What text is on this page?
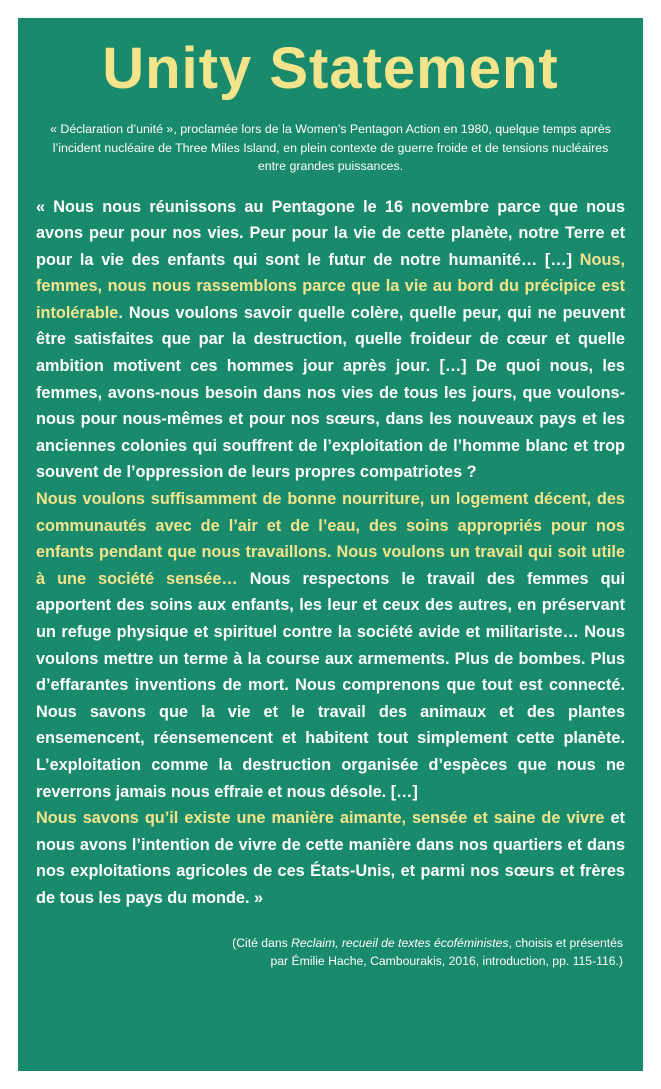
Unity Statement
« Déclaration d’unité », proclamée lors de la Women’s Pentagon Action en 1980, quelque temps après l’incident nucléaire de Three Miles Island, en plein contexte de guerre froide et de tensions nucléaires entre grandes puissances.

« Nous nous réunissons au Pentagone le 16 novembre parce que nous avons peur pour nos vies. Peur pour la vie de cette planète, notre Terre et pour la vie des enfants qui sont le futur de notre humanité… […] Nous, femmes, nous nous rassemblons parce que la vie au bord du précipice est intolérable. Nous voulons savoir quelle colère, quelle peur, qui ne peuvent être satisfaites que par la destruction, quelle froideur de cœur et quelle ambition motivent ces hommes jour après jour. […] De quoi nous, les femmes, avons-nous besoin dans nos vies de tous les jours, que voulons-nous pour nous-mêmes et pour nos sœurs, dans les nouveaux pays et les anciennes colonies qui souffrent de l’exploitation de l’homme blanc et trop souvent de l’oppression de leurs propres compatriotes ?

Nous voulons suffisamment de bonne nourriture, un logement décent, des communautés avec de l’air et de l’eau, des soins appropriés pour nos enfants pendant que nous travaillons. Nous voulons un travail qui soit utile à une société sensée… Nous respectons le travail des femmes qui apportent des soins aux enfants, les leur et ceux des autres, en préservant un refuge physique et spirituel contre la société avide et militariste… Nous voulons mettre un terme à la course aux armements. Plus de bombes. Plus d’effarantes inventions de mort. Nous comprenons que tout est connecté. Nous savons que la vie et le travail des animaux et des plantes ensemencent, réensemencent et habitent tout simplement cette planète. L’exploitation comme la destruction organisée d’espèces que nous ne reverrons jamais nous effraie et nous désole. […]

Nous savons qu’il existe une manière aimante, sensée et saine de vivre et nous avons l’intention de vivre de cette manière dans nos quartiers et dans nos exploitations agricoles de ces États-Unis, et parmi nos sœurs et frères de tous les pays du monde. »

(Cité dans Reclaim, recueil de textes écoféministes, choisis et présentés
par Émilie Hache, Cambourakis, 2016, introduction, pp. 115-116.)
